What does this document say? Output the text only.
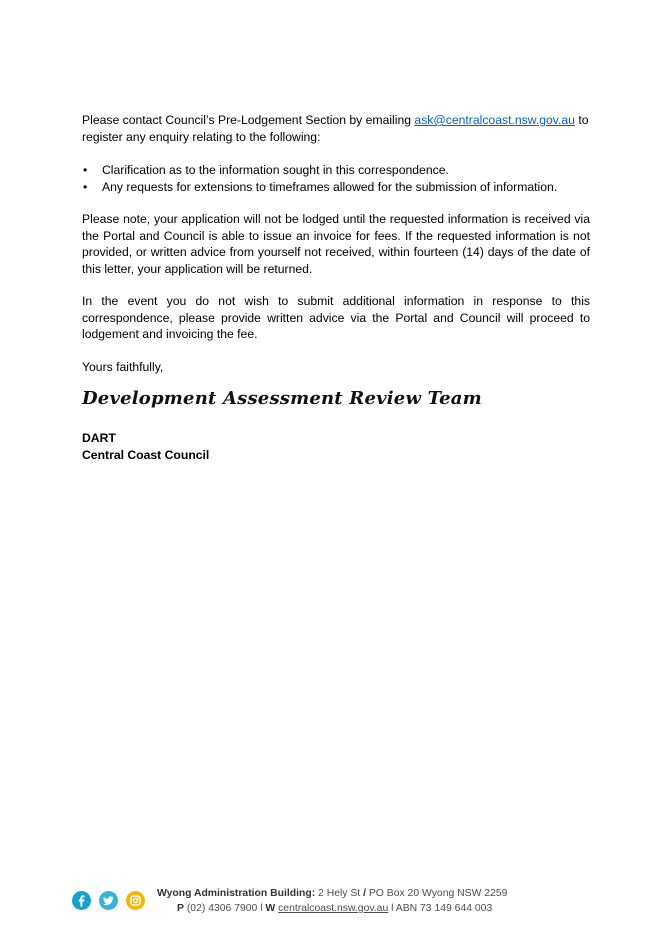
Please contact Council’s Pre-Lodgement Section by emailing ask@centralcoast.nsw.gov.au to register any enquiry relating to the following:
• Clarification as to the information sought in this correspondence.
• Any requests for extensions to timeframes allowed for the submission of information.
Please note, your application will not be lodged until the requested information is received via the Portal and Council is able to issue an invoice for fees. If the requested information is not provided, or written advice from yourself not received, within fourteen (14) days of the date of this letter, your application will be returned.
In the event you do not wish to submit additional information in response to this correspondence, please provide written advice via the Portal and Council will proceed to lodgement and invoicing the fee.
Yours faithfully,
Development Assessment Review Team
DART
Central Coast Council
Wyong Administration Building: 2 Hely St / PO Box 20 Wyong NSW 2259
P (02) 4306 7900 l W centralcoast.nsw.gov.au l ABN 73 149 644 003
